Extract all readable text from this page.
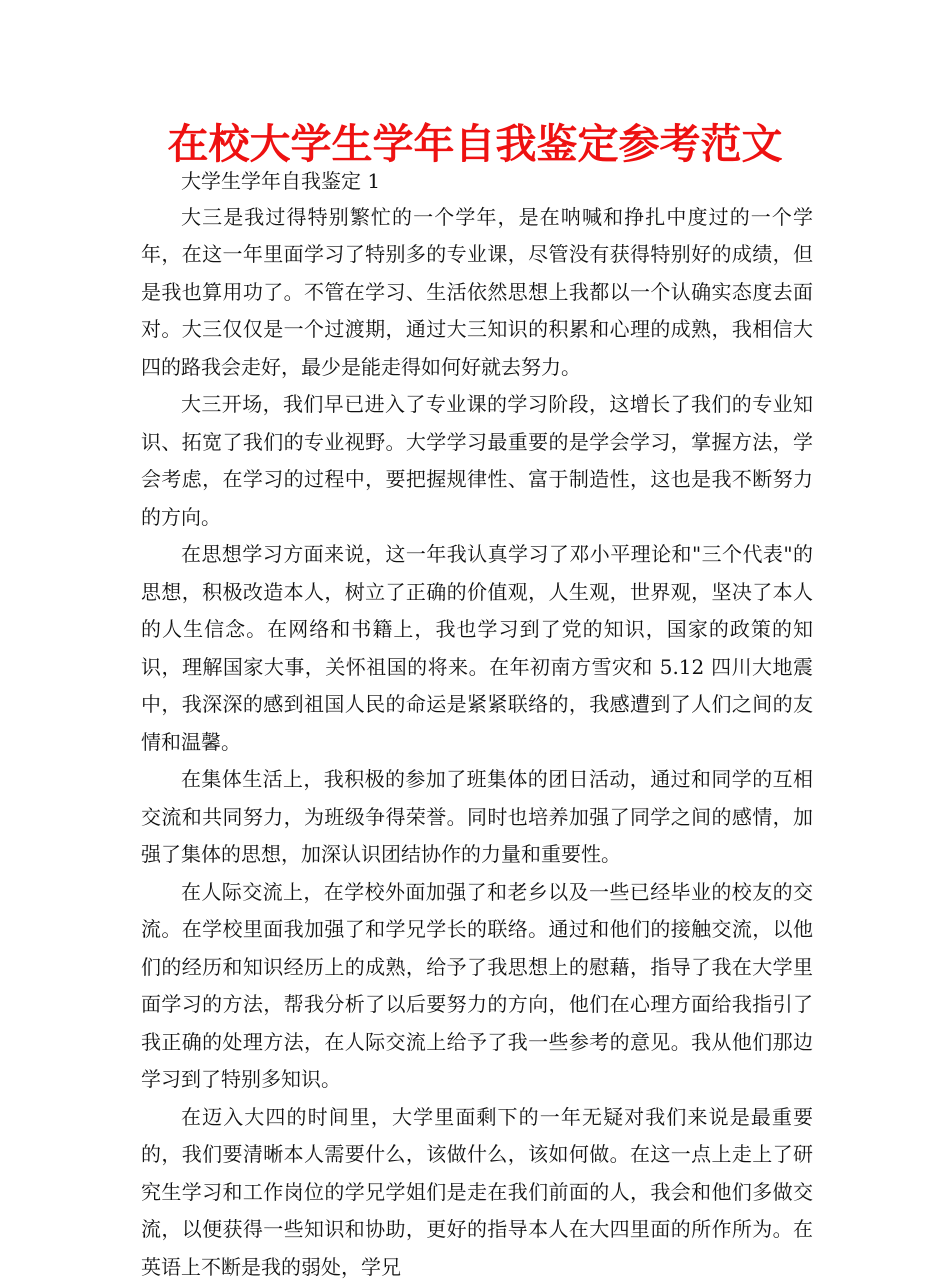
在校大学生学年自我鉴定参考范文

大学生学年自我鉴定 1

大三是我过得特别繁忙的一个学年，是在呐喊和挣扎中度过的一个学年，在这一年里面学习了特别多的专业课，尽管没有获得特别好的成绩，但是我也算用功了。不管在学习、生活依然思想上我都以一个认确实态度去面对。大三仅仅是一个过渡期，通过大三知识的积累和心理的成熟，我相信大四的路我会走好，最少是能走得如何好就去努力。

大三开场，我们早已进入了专业课的学习阶段，这增长了我们的专业知识、拓宽了我们的专业视野。大学学习最重要的是学会学习，掌握方法，学会考虑，在学习的过程中，要把握规律性、富于制造性，这也是我不断努力的方向。

在思想学习方面来说，这一年我认真学习了邓小平理论和"三个代表"的思想，积极改造本人，树立了正确的价值观，人生观，世界观，坚决了本人的人生信念。在网络和书籍上，我也学习到了党的知识，国家的政策的知识，理解国家大事，关怀祖国的将来。在年初南方雪灾和 5.12 四川大地震中，我深深的感到祖国人民的命运是紧紧联络的，我感遭到了人们之间的友情和温馨。

在集体生活上，我积极的参加了班集体的团日活动，通过和同学的互相交流和共同努力，为班级争得荣誉。同时也培养加强了同学之间的感情，加强了集体的思想，加深认识团结协作的力量和重要性。

在人际交流上，在学校外面加强了和老乡以及一些已经毕业的校友的交流。在学校里面我加强了和学兄学长的联络。通过和他们的接触交流，以他们的经历和知识经历上的成熟，给予了我思想上的慰藉，指导了我在大学里面学习的方法，帮我分析了以后要努力的方向，他们在心理方面给我指引了我正确的处理方法，在人际交流上给予了我一些参考的意见。我从他们那边学习到了特别多知识。

在迈入大四的时间里，大学里面剩下的一年无疑对我们来说是最重要的，我们要清晰本人需要什么，该做什么，该如何做。在这一点上走上了研究生学习和工作岗位的学兄学姐们是走在我们前面的人，我会和他们多做交流，以便获得一些知识和协助，更好的指导本人在大四里面的所作所为。在英语上不断是我的弱处，学兄
